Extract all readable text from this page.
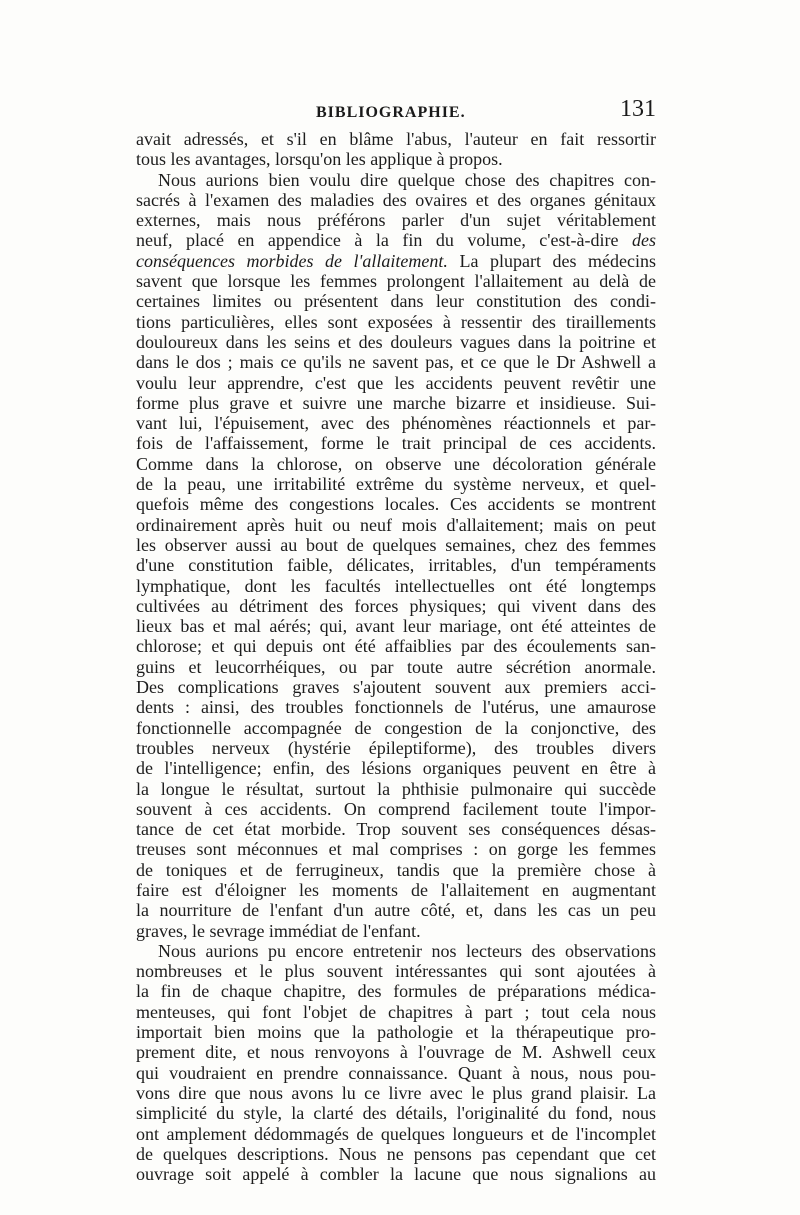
BIBLIOGRAPHIE.	131
avait adressés, et s'il en blâme l'abus, l'auteur en fait ressortir
tous les avantages, lorsqu'on les applique à propos.
Nous aurions bien voulu dire quelque chose des chapitres con-
sacrés à l'examen des maladies des ovaires et des organes génitaux
externes, mais nous préférons parler d'un sujet véritablement
neuf, placé en appendice à la fin du volume, c'est-à-dire des
conséquences morbides de l'allaitement. La plupart des médecins
savent que lorsque les femmes prolongent l'allaitement au delà de
certaines limites ou présentent dans leur constitution des condi-
tions particulières, elles sont exposées à ressentir des tiraillements
douloureux dans les seins et des douleurs vagues dans la poitrine et
dans le dos ; mais ce qu'ils ne savent pas, et ce que le Dr Ashwell a
voulu leur apprendre, c'est que les accidents peuvent revêtir une
forme plus grave et suivre une marche bizarre et insidieuse. Sui-
vant lui, l'épuisement, avec des phénomènes réactionnels et par-
fois de l'affaissement, forme le trait principal de ces accidents.
Comme dans la chlorose, on observe une décoloration générale
de la peau, une irritabilité extrême du système nerveux, et quel-
quefois même des congestions locales. Ces accidents se montrent
ordinairement après huit ou neuf mois d'allaitement; mais on peut
les observer aussi au bout de quelques semaines, chez des femmes
d'une constitution faible, délicates, irritables, d'un tempéraments
lymphatique, dont les facultés intellectuelles ont été longtemps
cultivées au détriment des forces physiques; qui vivent dans des
lieux bas et mal aérés; qui, avant leur mariage, ont été atteintes de
chlorose; et qui depuis ont été affaiblies par des écoulements san-
guins et leucorrhéiques, ou par toute autre sécrétion anormale.
Des complications graves s'ajoutent souvent aux premiers acci-
dents : ainsi, des troubles fonctionnels de l'utérus, une amaurose
fonctionnelle accompagnée de congestion de la conjonctive, des
troubles nerveux (hystérie épileptiforme), des troubles divers
de l'intelligence; enfin, des lésions organiques peuvent en être à
la longue le résultat, surtout la phthisie pulmonaire qui succède
souvent à ces accidents. On comprend facilement toute l'impor-
tance de cet état morbide. Trop souvent ses conséquences désas-
treuses sont méconnues et mal comprises : on gorge les femmes
de toniques et de ferrugineux, tandis que la première chose à
faire est d'éloigner les moments de l'allaitement en augmentant
la nourriture de l'enfant d'un autre côté, et, dans les cas un peu
graves, le sevrage immédiat de l'enfant.
Nous aurions pu encore entretenir nos lecteurs des observations
nombreuses et le plus souvent intéressantes qui sont ajoutées à
la fin de chaque chapitre, des formules de préparations médica-
menteuses, qui font l'objet de chapitres à part ; tout cela nous
importait bien moins que la pathologie et la thérapeutique pro-
prement dite, et nous renvoyons à l'ouvrage de M. Ashwell ceux
qui voudraient en prendre connaissance. Quant à nous, nous pou-
vons dire que nous avons lu ce livre avec le plus grand plaisir. La
simplicité du style, la clarté des détails, l'originalité du fond, nous
ont amplement dédommagés de quelques longueurs et de l'incomplet
de quelques descriptions. Nous ne pensons pas cependant que cet
ouvrage soit appelé à combler la lacune que nous signalions au
